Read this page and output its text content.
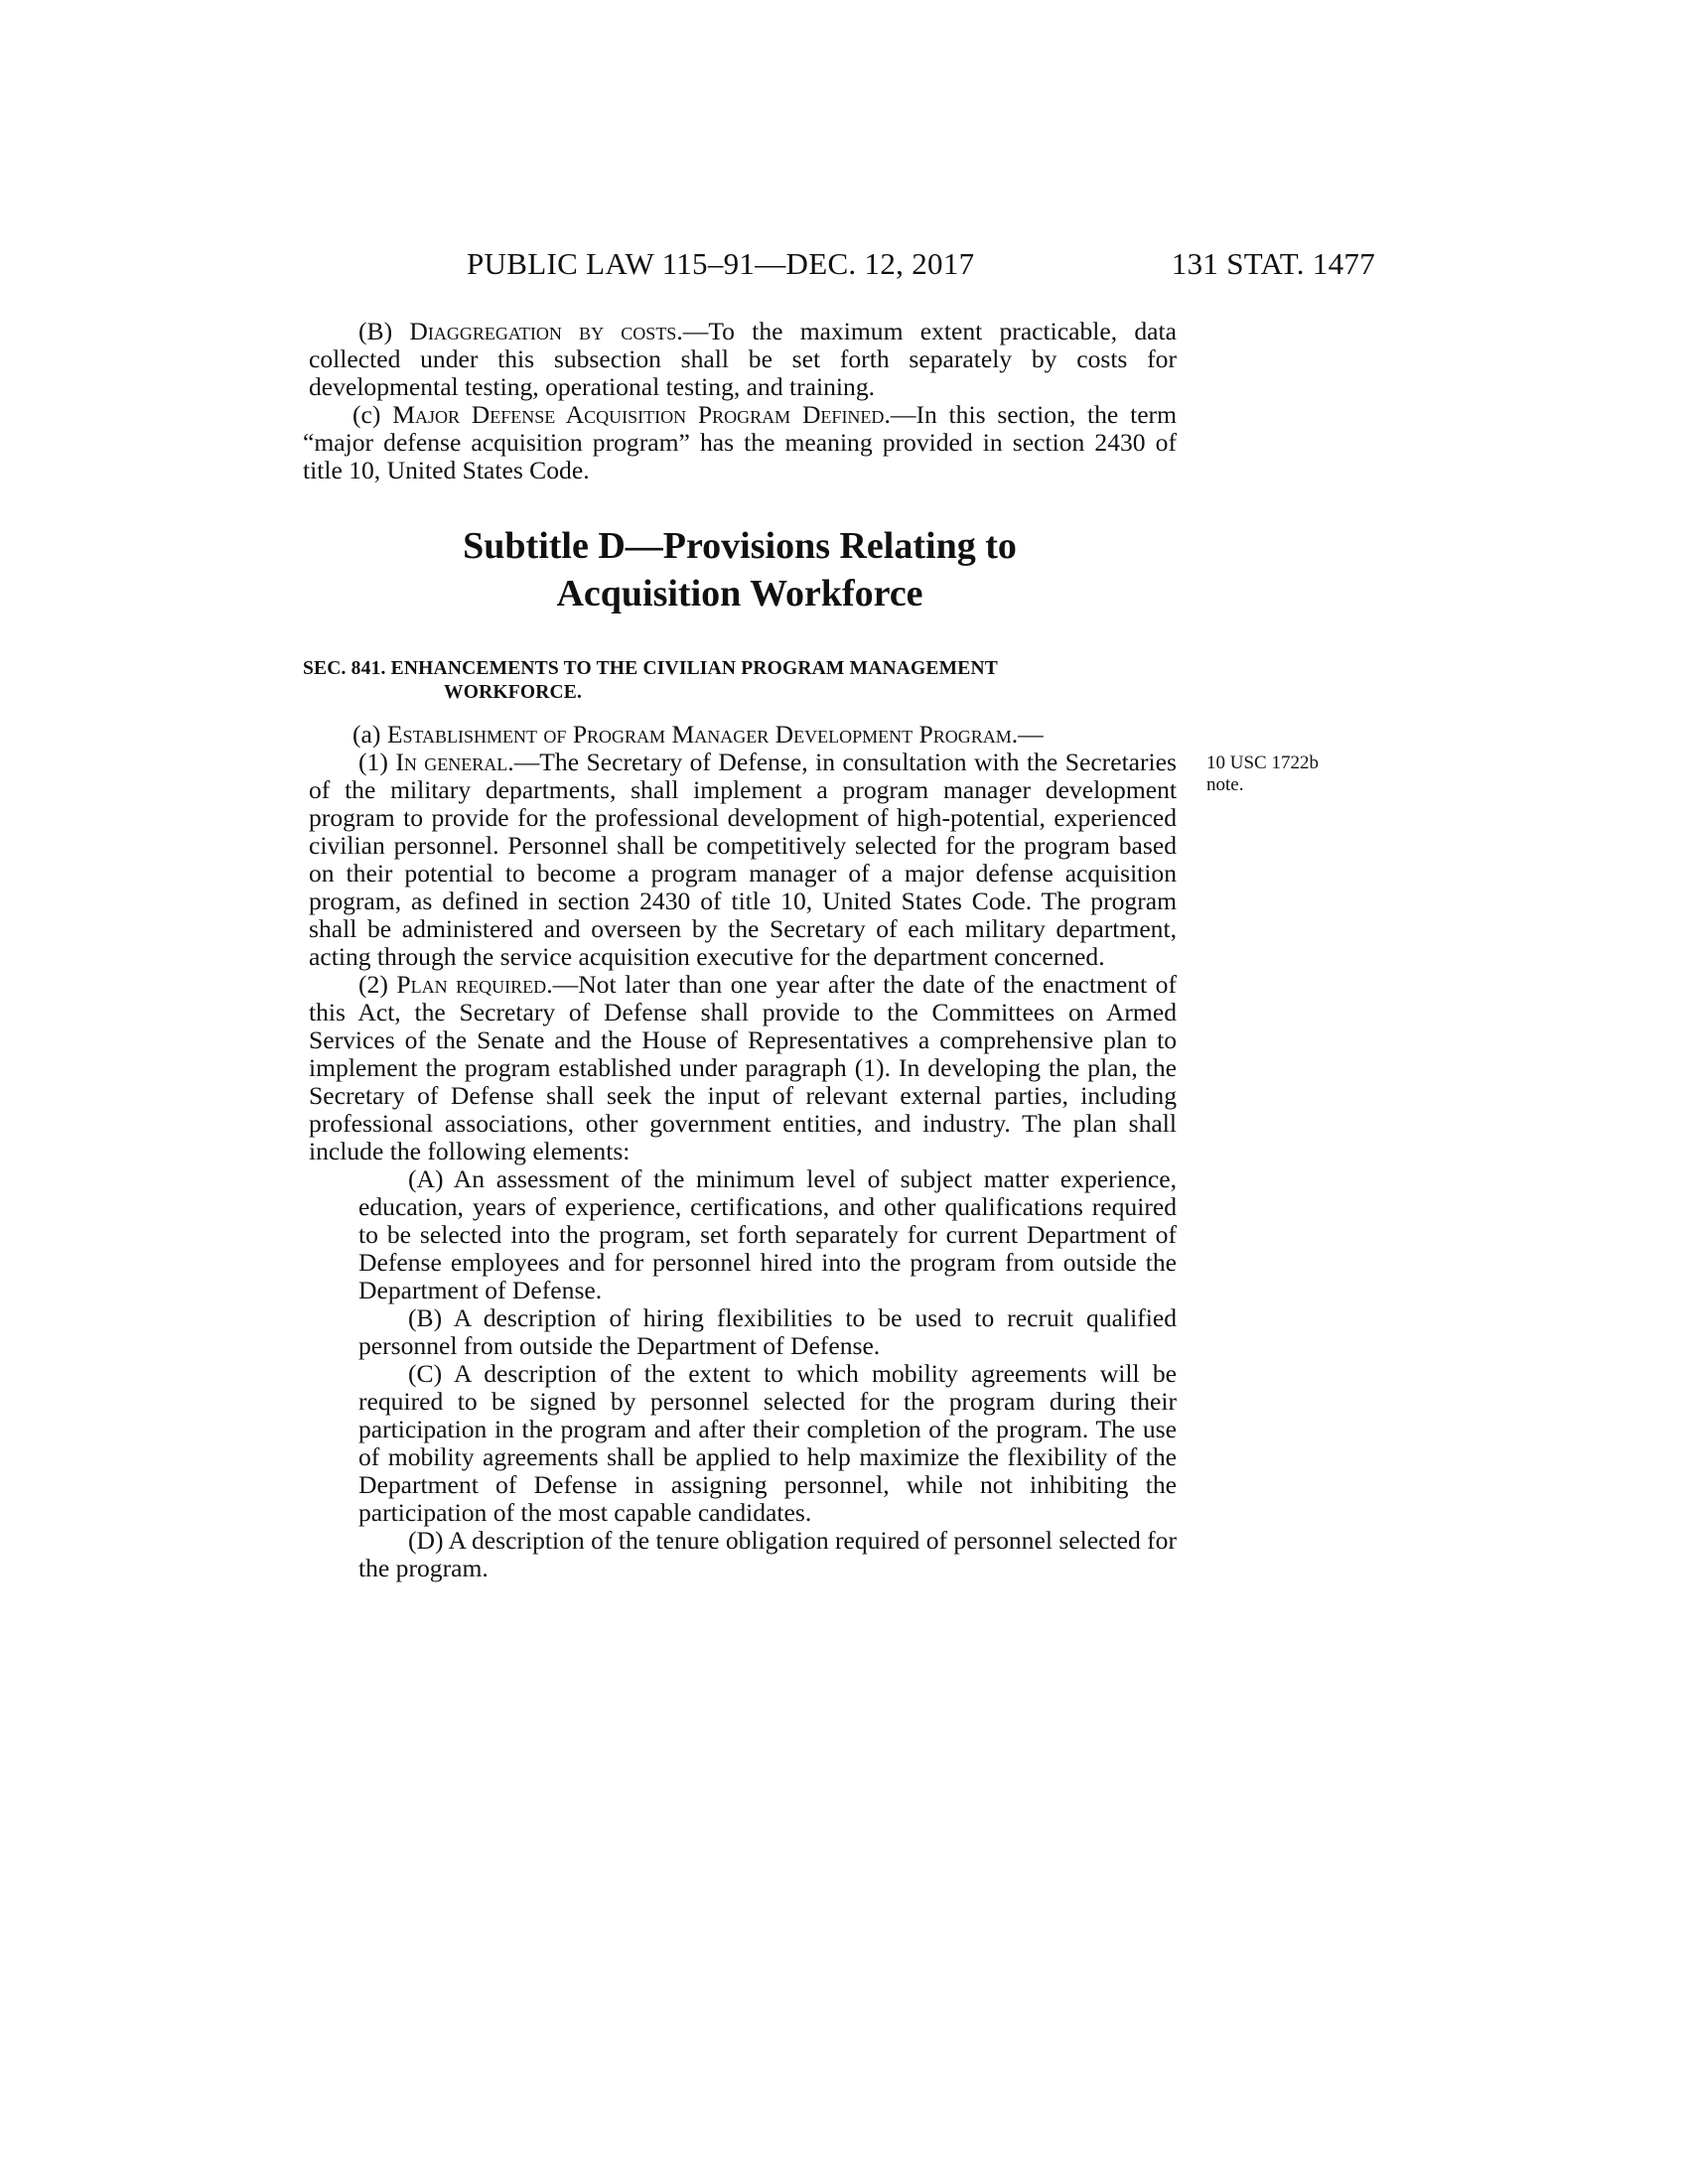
PUBLIC LAW 115–91—DEC. 12, 2017	131 STAT. 1477
10 USC 1722b
note.

(B) Diaggregation by costs.—To the maximum extent practicable, data collected under this subsection shall be set forth separately by costs for developmental testing, operational testing, and training.

(c) Major Defense Acquisition Program Defined.—In this section, the term “major defense acquisition program” has the meaning provided in section 2430 of title 10, United States Code.

Subtitle D—Provisions Relating to
Acquisition Workforce
SEC. 841. ENHANCEMENTS TO THE CIVILIAN PROGRAM MANAGEMENT
WORKFORCE.

(a) Establishment of Program Manager Development Program.—

(1) In general.—The Secretary of Defense, in consultation with the Secretaries of the military departments, shall implement a program manager development program to provide for the professional development of high-potential, experienced civilian personnel. Personnel shall be competitively selected for the program based on their potential to become a program manager of a major defense acquisition program, as defined in section 2430 of title 10, United States Code. The program shall be administered and overseen by the Secretary of each military department, acting through the service acquisition executive for the department concerned.

(2) Plan required.—Not later than one year after the date of the enactment of this Act, the Secretary of Defense shall provide to the Committees on Armed Services of the Senate and the House of Representatives a comprehensive plan to implement the program established under paragraph (1). In developing the plan, the Secretary of Defense shall seek the input of relevant external parties, including professional associations, other government entities, and industry. The plan shall include the following elements:

(A) An assessment of the minimum level of subject matter experience, education, years of experience, certifications, and other qualifications required to be selected into the program, set forth separately for current Department of Defense employees and for personnel hired into the program from outside the Department of Defense.

(B) A description of hiring flexibilities to be used to recruit qualified personnel from outside the Department of Defense.

(C) A description of the extent to which mobility agreements will be required to be signed by personnel selected for the program during their participation in the program and after their completion of the program. The use of mobility agreements shall be applied to help maximize the flexibility of the Department of Defense in assigning personnel, while not inhibiting the participation of the most capable candidates.

(D) A description of the tenure obligation required of personnel selected for the program.
